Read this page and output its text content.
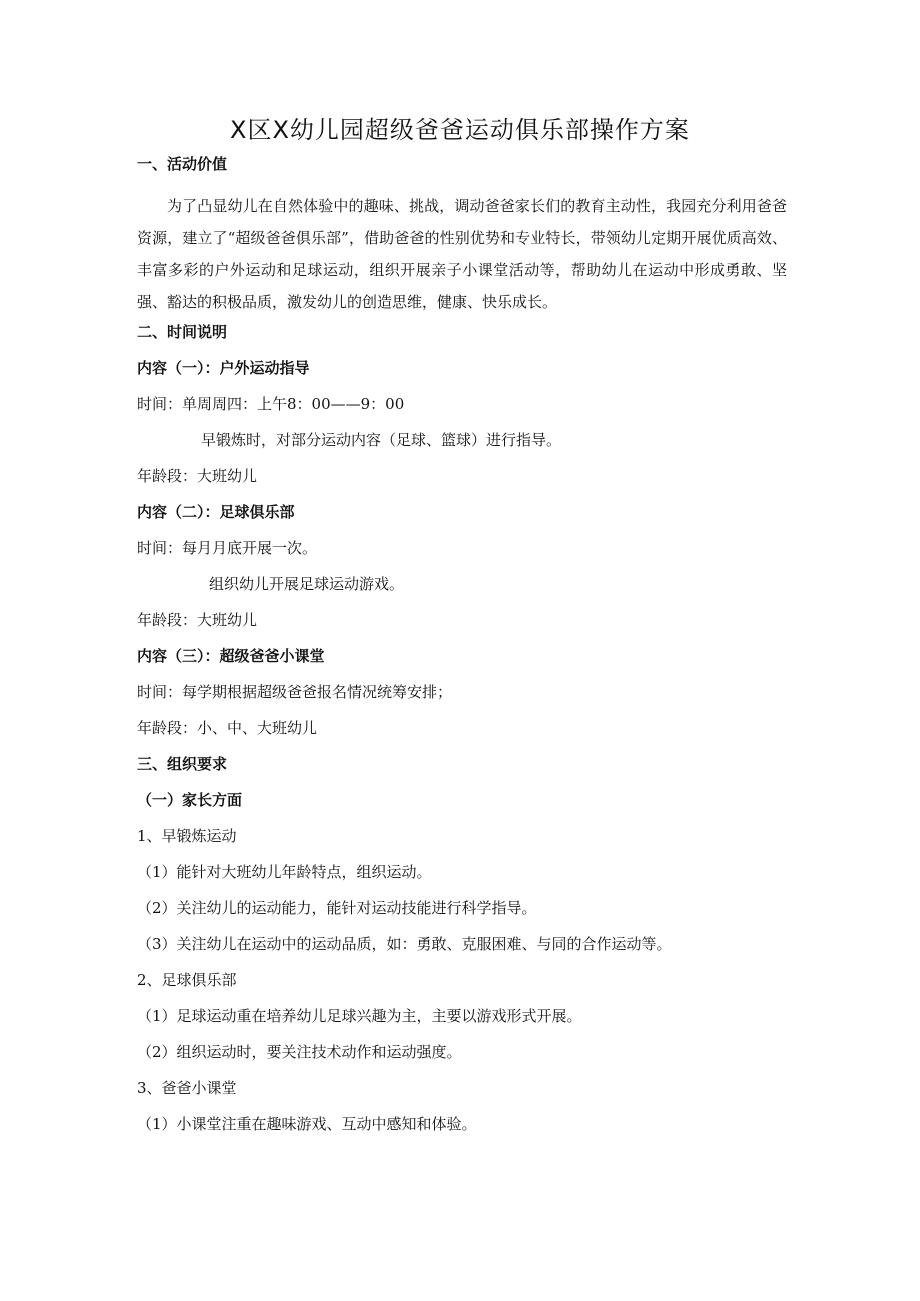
X区X幼儿园超级爸爸运动俱乐部操作方案

一、活动价值

为了凸显幼儿在自然体验中的趣味、挑战，调动爸爸家长们的教育主动性，我园充分利用爸爸资源，建立了“超级爸爸俱乐部”，借助爸爸的性别优势和专业特长，带领幼儿定期开展优质高效、丰富多彩的户外运动和足球运动，组织开展亲子小课堂活动等，帮助幼儿在运动中形成勇敢、坚强、豁达的积极品质，激发幼儿的创造思维，健康、快乐成长。

二、时间说明

内容（一）：户外运动指导

时间：单周周四：上午8：00——9：00

早锻炼时，对部分运动内容（足球、篮球）进行指导。

年龄段：大班幼儿

内容（二）：足球俱乐部

时间：每月月底开展一次。

组织幼儿开展足球运动游戏。

年龄段：大班幼儿

内容（三）：超级爸爸小课堂

时间：每学期根据超级爸爸报名情况统筹安排；

年龄段：小、中、大班幼儿

三、组织要求

（一）家长方面

1、早锻炼运动

（1）能针对大班幼儿年龄特点，组织运动。

（2）关注幼儿的运动能力，能针对运动技能进行科学指导。

（3）关注幼儿在运动中的运动品质，如：勇敢、克服困难、与同的合作运动等。

2、足球俱乐部

（1）足球运动重在培养幼儿足球兴趣为主，主要以游戏形式开展。

（2）组织运动时，要关注技术动作和运动强度。

3、爸爸小课堂

（1）小课堂注重在趣味游戏、互动中感知和体验。
